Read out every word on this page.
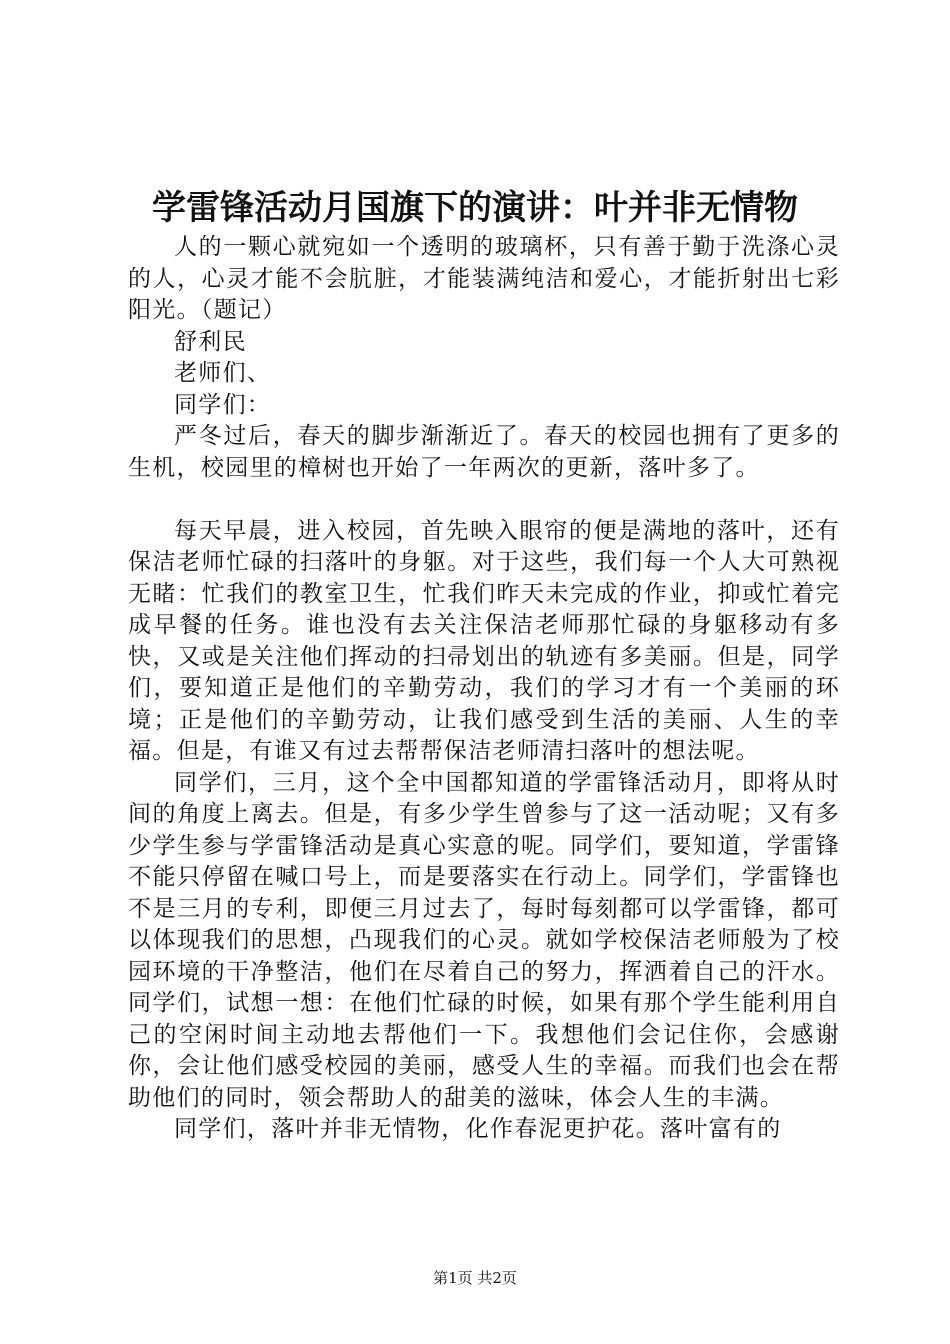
学雷锋活动月国旗下的演讲：叶并非无情物

人的一颗心就宛如一个透明的玻璃杯，只有善于勤于洗涤心灵的人，心灵才能不会肮脏，才能装满纯洁和爱心，才能折射出七彩阳光。（题记）

舒利民

老师们、

同学们：

严冬过后，春天的脚步渐渐近了。春天的校园也拥有了更多的生机，校园里的樟树也开始了一年两次的更新，落叶多了。

每天早晨，进入校园，首先映入眼帘的便是满地的落叶，还有保洁老师忙碌的扫落叶的身躯。对于这些，我们每一个人大可熟视无睹：忙我们的教室卫生，忙我们昨天未完成的作业，抑或忙着完成早餐的任务。谁也没有去关注保洁老师那忙碌的身躯移动有多快，又或是关注他们挥动的扫帚划出的轨迹有多美丽。但是，同学们，要知道正是他们的辛勤劳动，我们的学习才有一个美丽的环境；正是他们的辛勤劳动，让我们感受到生活的美丽、人生的幸福。但是，有谁又有过去帮帮保洁老师清扫落叶的想法呢。

同学们，三月，这个全中国都知道的学雷锋活动月，即将从时间的角度上离去。但是，有多少学生曾参与了这一活动呢；又有多少学生参与学雷锋活动是真心实意的呢。同学们，要知道，学雷锋不能只停留在喊口号上，而是要落实在行动上。同学们，学雷锋也不是三月的专利，即便三月过去了，每时每刻都可以学雷锋，都可以体现我们的思想，凸现我们的心灵。就如学校保洁老师般为了校园环境的干净整洁，他们在尽着自己的努力，挥洒着自己的汗水。同学们，试想一想：在他们忙碌的时候，如果有那个学生能利用自己的空闲时间主动地去帮他们一下。我想他们会记住你，会感谢你，会让他们感受校园的美丽，感受人生的幸福。而我们也会在帮助他们的同时，领会帮助人的甜美的滋味，体会人生的丰满。

同学们，落叶并非无情物，化作春泥更护花。落叶富有的

第1页 共2页
